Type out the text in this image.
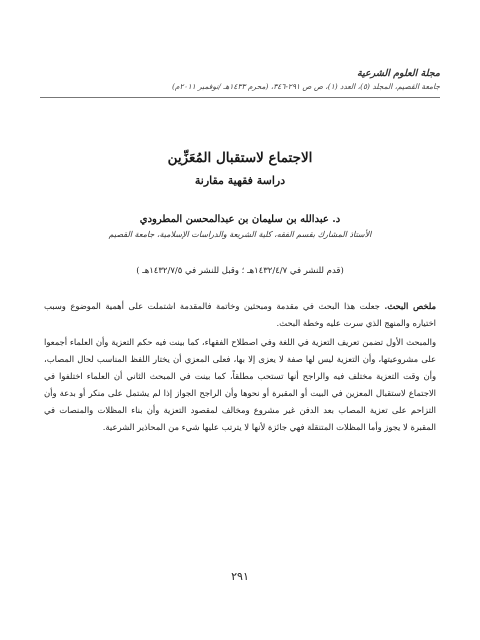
مجلة العلوم الشرعية
جامعة القصيم، المجلد (٥)، العدد (١)، ص ص ٢٩١-٣٤٦، (محرم ١٤٣٣هـ /نوفمبر ٢٠١١م)
الاجتماع لاستقبال المُعَزِّين
دراسة فقهية مقارنة
د. عبدالله بن سليمان بن عبدالمحسن المطرودي
الأستاذ المشارك بقسم الفقه، كلية الشريعة والدراسات الإسلامية، جامعة القصيم
(قدم للنشر في ١٤٣٢/٤/٧هـ ؛ وقبل للنشر في ١٤٣٢/٧/٥هـ )

ملخص البحث. جعلت هذا البحث في مقدمة ومبحثين وخاتمة فالمقدمة اشتملت على أهمية الموضوع وسبب اختياره والمنهج الذي سرت عليه وخطة البحث.

والمبحث الأول تضمن تعريف التعزية في اللغة وفي اصطلاح الفقهاء، كما بينت فيه حكم التعزية وأن العلماء أجمعوا على مشروعيتها، وأن التعزية ليس لها صفة لا يعزى إلا بها، فعلى المعزي أن يختار اللفظ المناسب لحال المصاب، وأن وقت التعزية مختلف فيه والراجح أنها تستحب مطلقاً، كما بينت في المبحث الثاني أن العلماء اختلفوا في الاجتماع لاستقبال المعزين في البيت أو المقبرة أو نحوها وأن الراجح الجواز إذا لم يشتمل على منكر أو بدعة وأن التزاحم على تعزية المصاب بعد الدفن غير مشروع ومخالف لمقصود التعزية وأن بناء المظلات والمنصات في المقبرة لا يجوز وأما المظلات المتنقلة فهي جائزة لأنها لا يترتب عليها شيء من المحاذير الشرعية.

٢٩١
